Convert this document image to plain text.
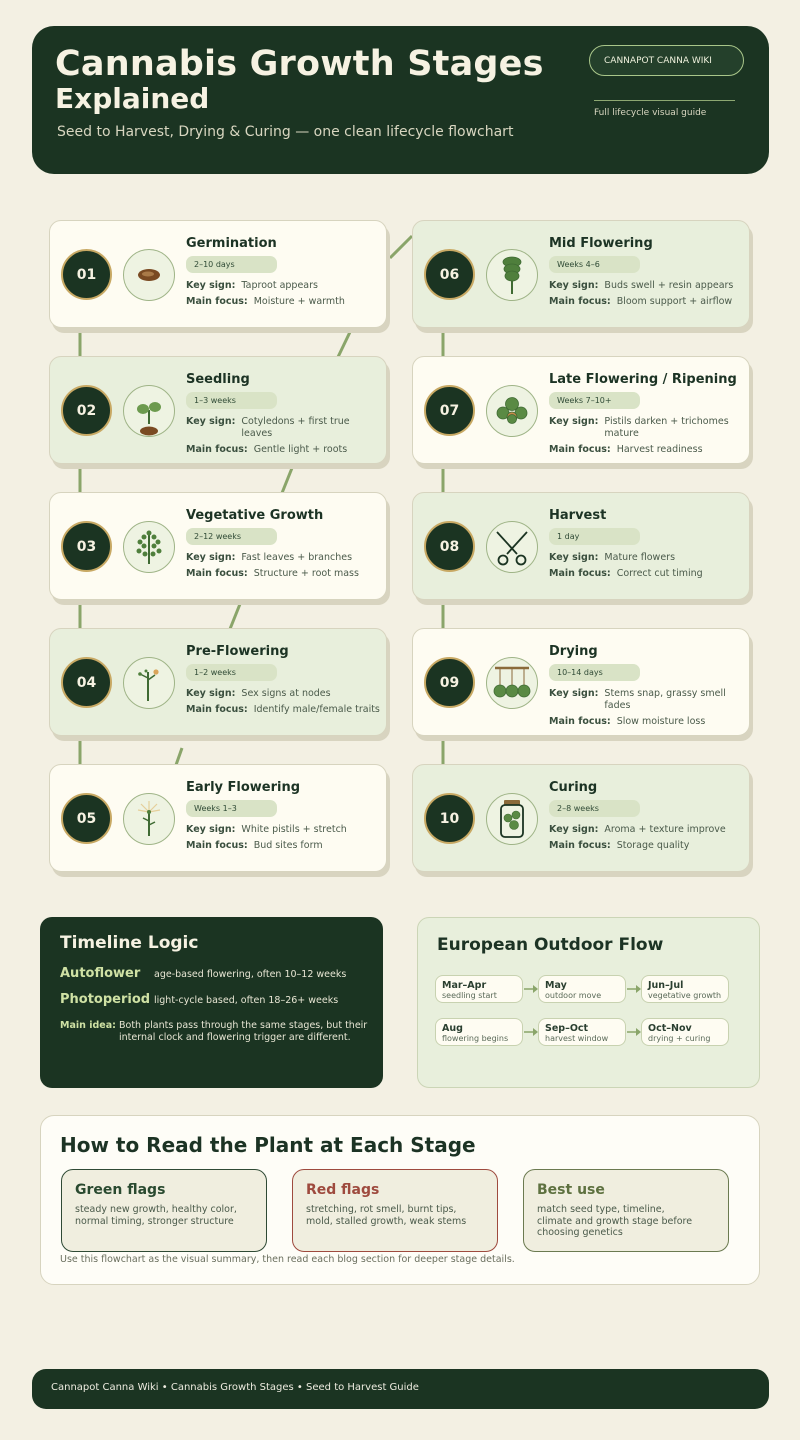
Cannabis Growth Stages
Explained
Seed to Harvest, Drying & Curing — one clean lifecycle flowchart
CANNAPOT CANNA WIKI
Full lifecycle visual guide
01
Germination
2–10 days
Key sign: Taproot appears
Main focus: Moisture + warmth
02
Seedling
1–3 weeks
Key sign: Cotyledons + first true leaves
Main focus: Gentle light + roots
03
Vegetative Growth
2–12 weeks
Key sign: Fast leaves + branches
Main focus: Structure + root mass
04
Pre-Flowering
1–2 weeks
Key sign: Sex signs at nodes
Main focus: Identify male/female traits
05
Early Flowering
Weeks 1–3
Key sign: White pistils + stretch
Main focus: Bud sites form
06
Mid Flowering
Weeks 4–6
Key sign: Buds swell + resin appears
Main focus: Bloom support + airflow
07
Late Flowering / Ripening
Weeks 7–10+
Key sign: Pistils darken + trichomes mature
Main focus: Harvest readiness
08
Harvest
1 day
Key sign: Mature flowers
Main focus: Correct cut timing
09
Drying
10–14 days
Key sign: Stems snap, grassy smell fades
Main focus: Slow moisture loss
10
Curing
2–8 weeks
Key sign: Aroma + texture improve
Main focus: Storage quality
Timeline Logic
Autoflower	age-based flowering, often 10–12 weeks
Photoperiod light-cycle based, often 18–26+ weeks
Main idea: Both plants pass through the same stages, but their internal clock and flowering trigger are different.
European Outdoor Flow
Mar–Apr
seedling start
May
outdoor move
Jun–Jul
vegetative growth
Aug
flowering begins
Sep–Oct
harvest window
Oct–Nov
drying + curing
How to Read the Plant at Each Stage
Green flags
steady new growth, healthy color, normal timing, stronger structure
Red flags
stretching, rot smell, burnt tips, mold, stalled growth, weak stems
Best use
match seed type, timeline, climate and growth stage before choosing genetics
Use this flowchart as the visual summary, then read each blog section for deeper stage details.
Cannapot Canna Wiki • Cannabis Growth Stages • Seed to Harvest Guide
